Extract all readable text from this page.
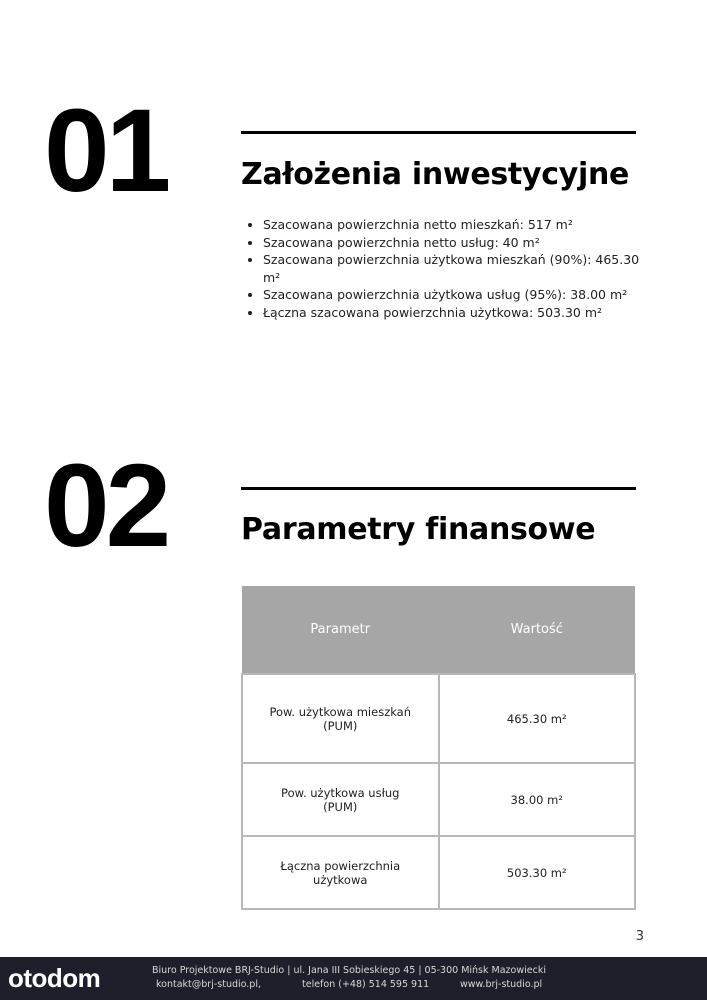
01 Założenia inwestycyjne
• Szacowana powierzchnia netto mieszkań: 517 m²
• Szacowana powierzchnia netto usług: 40 m²
• Szacowana powierzchnia użytkowa mieszkań (90%): 465.30 m²
• Szacowana powierzchnia użytkowa usług (95%): 38.00 m²
• Łączna szacowana powierzchnia użytkowa: 503.30 m²
02 Parametry finansowe
Parametr	Wartość
Pow. użytkowa mieszkań (PUM)	465.30 m²
Pow. użytkowa usług (PUM)	38.00 m²
Łączna powierzchnia użytkowa	503.30 m²
3
otodom	Biuro Projektowe BRJ-Studio | ul. Jana III Sobieskiego 45 | 05-300 Mińsk Mazowiecki
kontakt@brj-studio.pl,	telefon (+48) 514 595 911	www.brj-studio.pl
